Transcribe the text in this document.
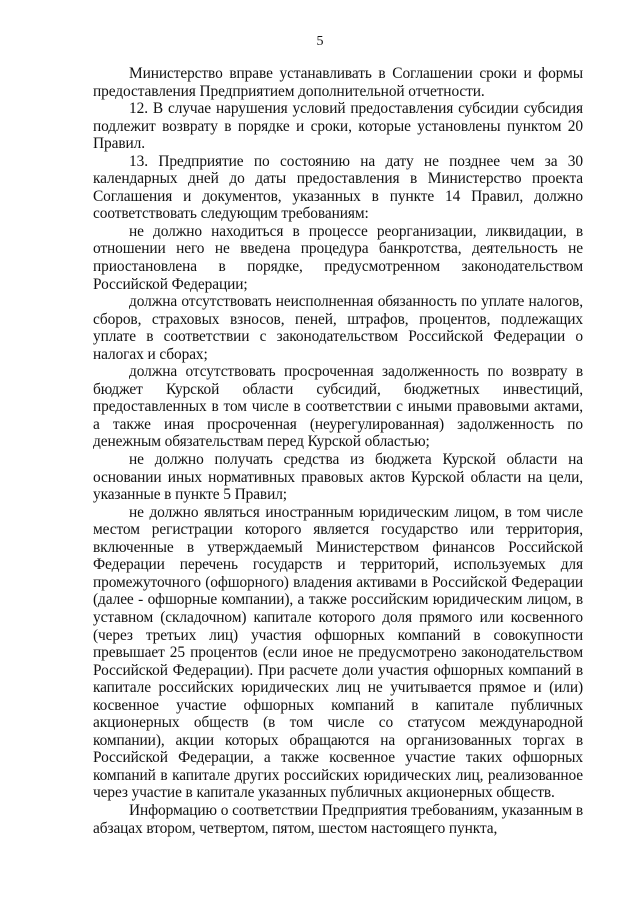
5

Министерство вправе устанавливать в Соглашении сроки и формы предоставления Предприятием дополнительной отчетности.

12. В случае нарушения условий предоставления субсидии субсидия подлежит возврату в порядке и сроки, которые установлены пунктом 20 Правил.

13. Предприятие по состоянию на дату не позднее чем за 30 календарных дней до даты предоставления в Министерство проекта Соглашения и документов, указанных в пункте 14 Правил, должно соответствовать следующим требованиям:

не должно находиться в процессе реорганизации, ликвидации, в отношении него не введена процедура банкротства, деятельность не приостановлена в порядке, предусмотренном законодательством Российской Федерации;

должна отсутствовать неисполненная обязанность по уплате налогов, сборов, страховых взносов, пеней, штрафов, процентов, подлежащих уплате в соответствии с законодательством Российской Федерации о налогах и сборах;

должна отсутствовать просроченная задолженность по возврату в бюджет Курской области субсидий, бюджетных инвестиций, предоставленных в том числе в соответствии с иными правовыми актами, а также иная просроченная (неурегулированная) задолженность по денежным обязательствам перед Курской областью;

не должно получать средства из бюджета Курской области на основании иных нормативных правовых актов Курской области на цели, указанные в пункте 5 Правил;

не должно являться иностранным юридическим лицом, в том числе местом регистрации которого является государство или территория, включенные в утверждаемый Министерством финансов Российской Федерации перечень государств и территорий, используемых для промежуточного (офшорного) владения активами в Российской Федерации (далее - офшорные компании), а также российским юридическим лицом, в уставном (складочном) капитале которого доля прямого или косвенного (через третьих лиц) участия офшорных компаний в совокупности превышает 25 процентов (если иное не предусмотрено законодательством Российской Федерации). При расчете доли участия офшорных компаний в капитале российских юридических лиц не учитывается прямое и (или) косвенное участие офшорных компаний в капитале публичных акционерных обществ (в том числе со статусом международной компании), акции которых обращаются на организованных торгах в Российской Федерации, а также косвенное участие таких офшорных компаний в капитале других российских юридических лиц, реализованное через участие в капитале указанных публичных акционерных обществ.

Информацию о соответствии Предприятия требованиям, указанным в абзацах втором, четвертом, пятом, шестом настоящего пункта,
